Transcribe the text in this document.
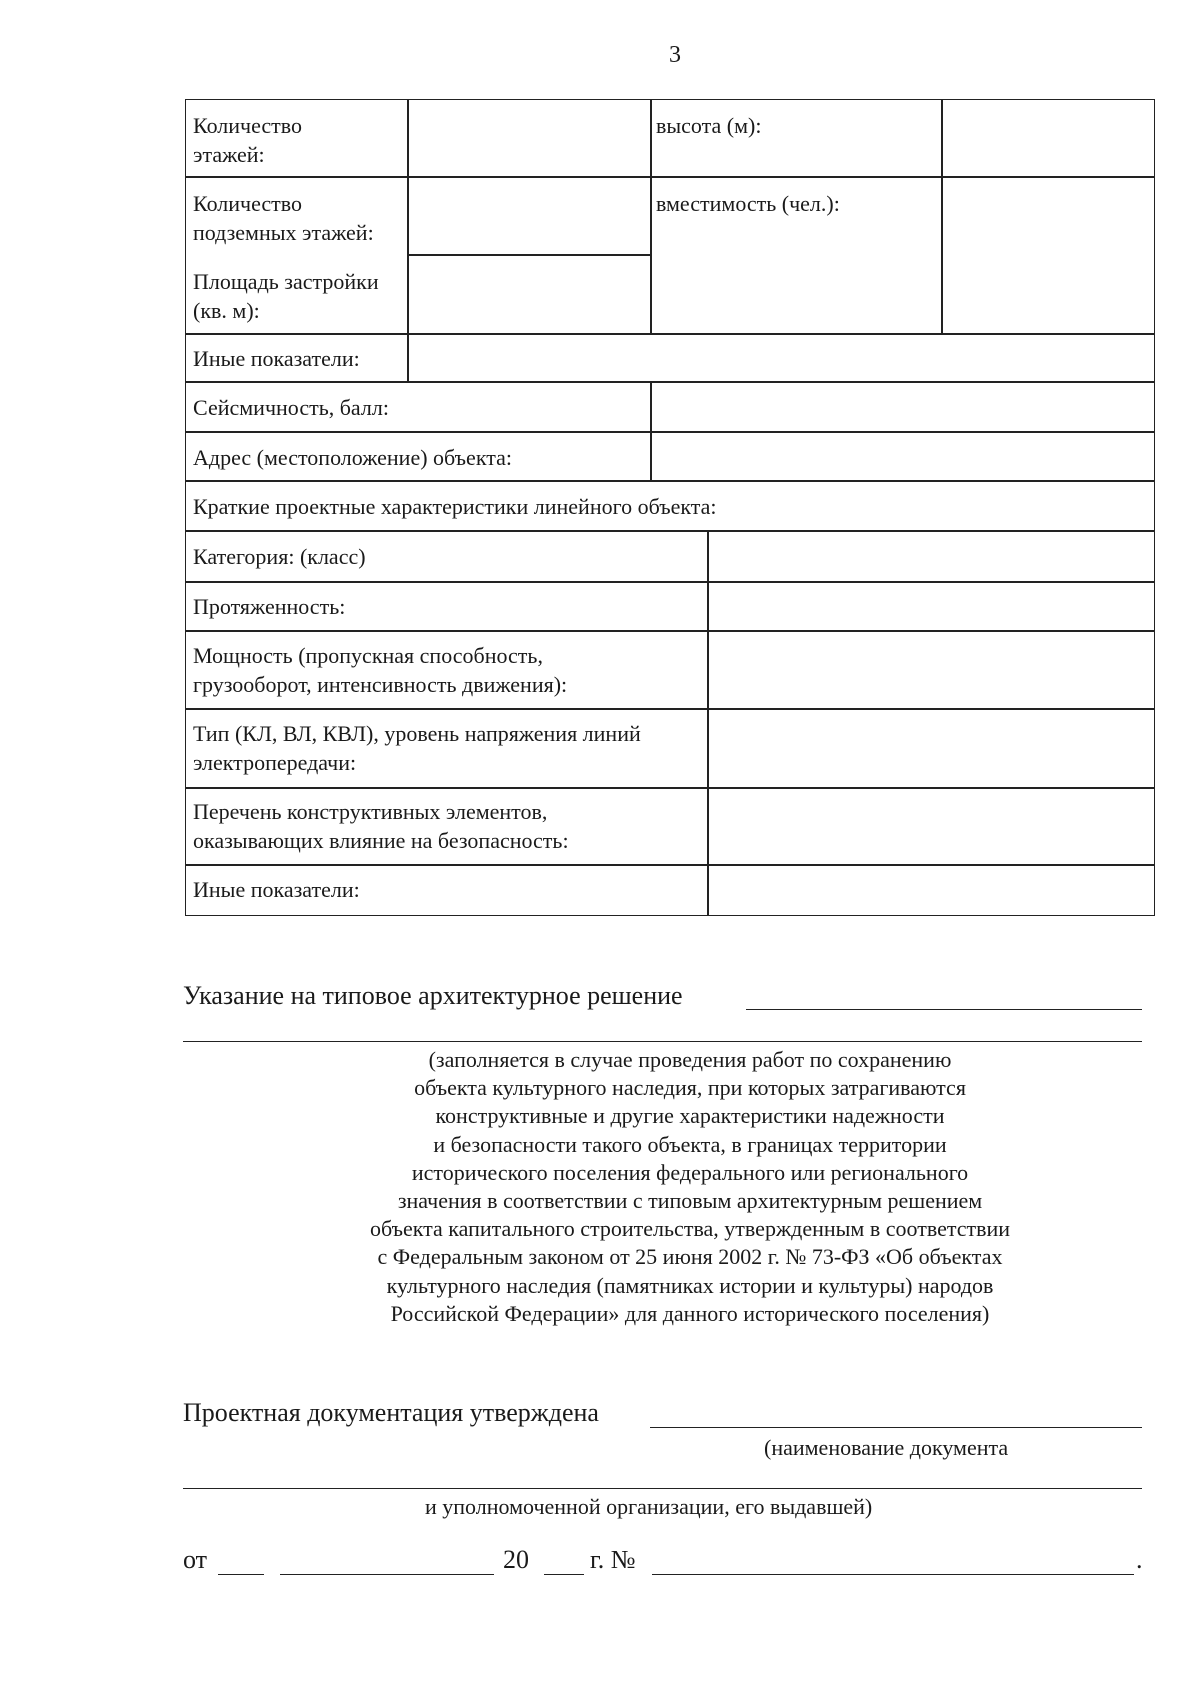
3
Количество
этажей:
высота (м):
Количество
подземных этажей:
вместимость (чел.):
Площадь застройки
(кв. м):
Иные показатели:
Сейсмичность, балл:
Адрес (местоположение) объекта:
Краткие проектные характеристики линейного объекта:
Категория: (класс)
Протяженность:
Мощность (пропускная способность,
грузооборот, интенсивность движения):
Тип (КЛ, ВЛ, КВЛ), уровень напряжения линий
электропередачи:
Перечень конструктивных элементов,
оказывающих влияние на безопасность:
Иные показатели:
Указание на типовое архитектурное решение
(заполняется в случае проведения работ по сохранению
объекта культурного наследия, при которых затрагиваются
конструктивные и другие характеристики надежности
и безопасности такого объекта, в границах территории
исторического поселения федерального или регионального
значения в соответствии с типовым архитектурным решением
объекта капитального строительства, утвержденным в соответствии
с Федеральным законом от 25 июня 2002 г. № 73-ФЗ «Об объектах
культурного наследия (памятниках истории и культуры) народов
Российской Федерации» для данного исторического поселения)
Проектная документация утверждена
(наименование документа
и уполномоченной организации, его выдавшей)
от	20 г. №	.
